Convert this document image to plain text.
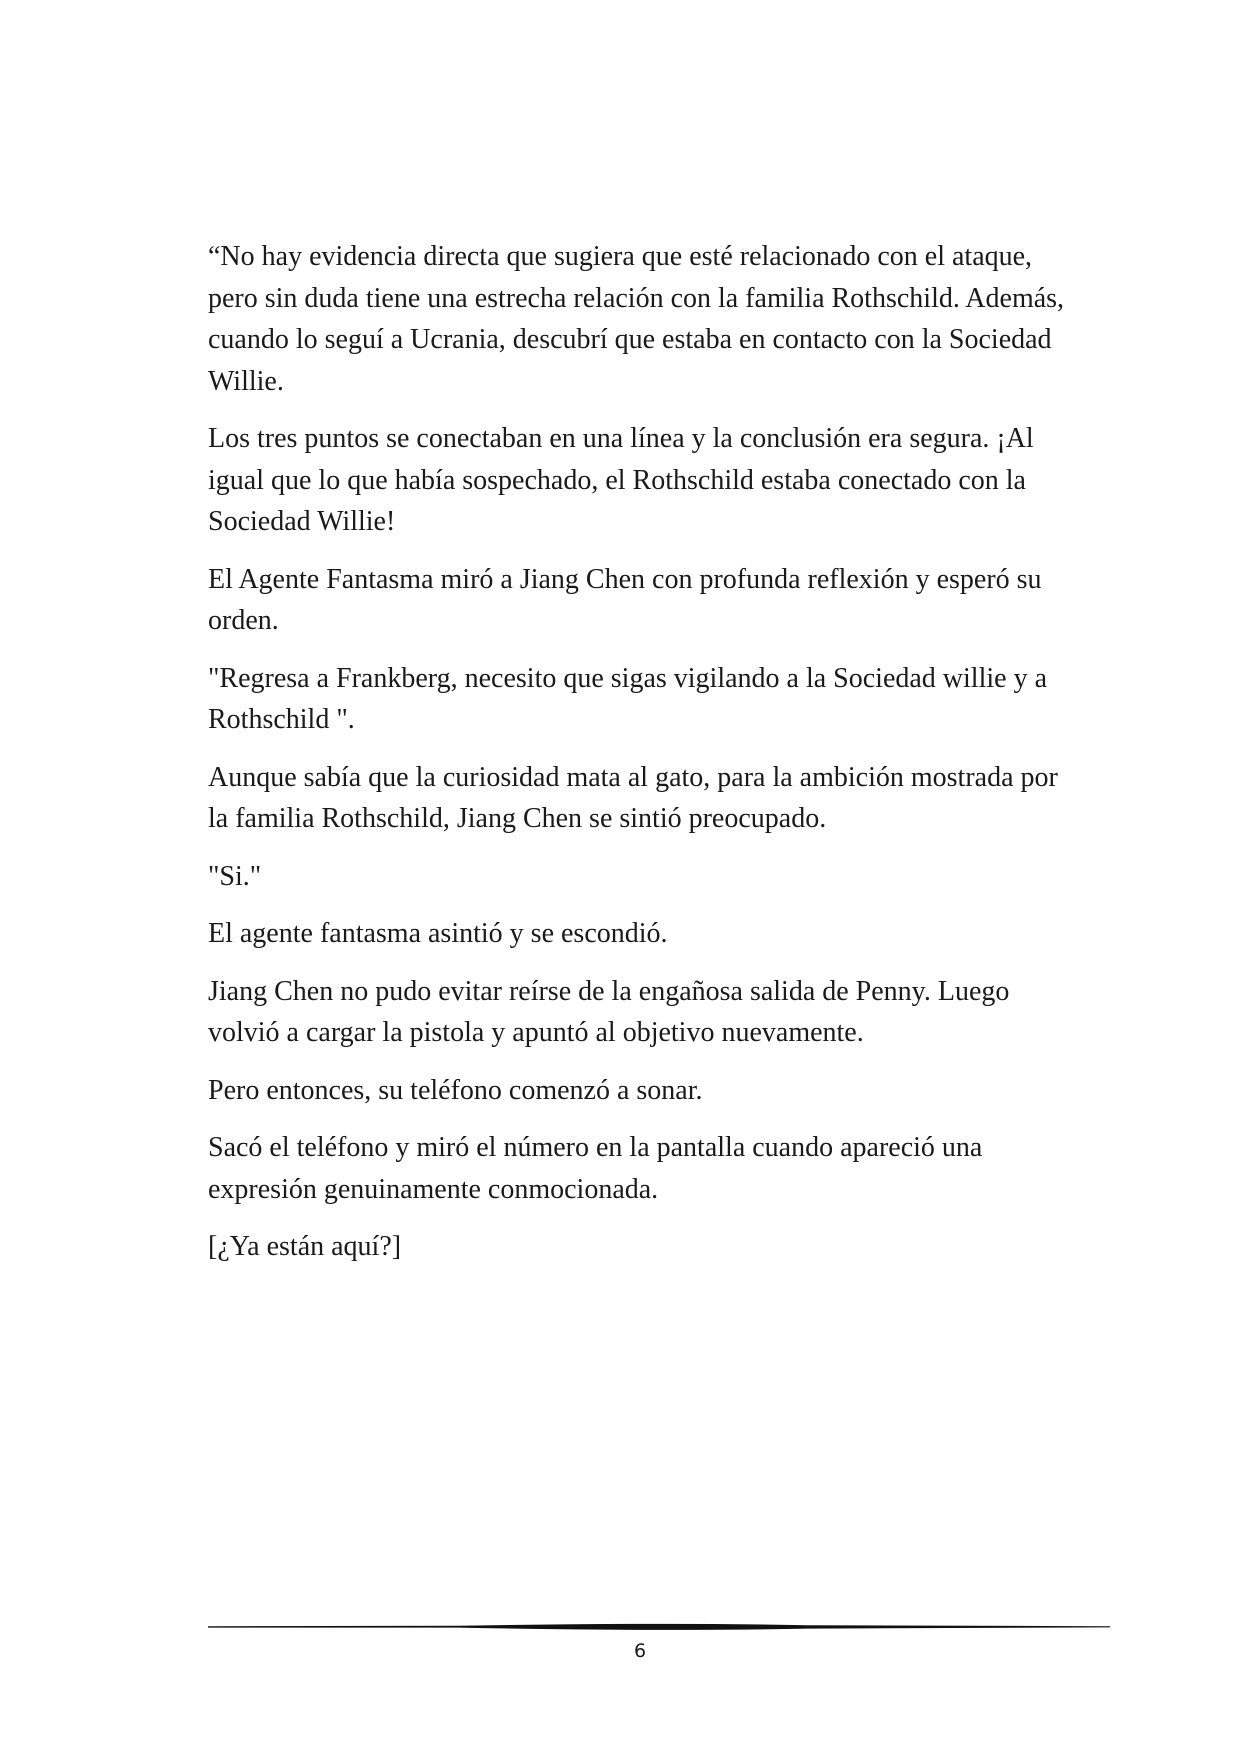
“No hay evidencia directa que sugiera que esté relacionado con el ataque, pero sin duda tiene una estrecha relación con la familia Rothschild. Además, cuando lo seguí a Ucrania, descubrí que estaba en contacto con la Sociedad Willie.

Los tres puntos se conectaban en una línea y la conclusión era segura. ¡Al igual que lo que había sospechado, el Rothschild estaba conectado con la Sociedad Willie!

El Agente Fantasma miró a Jiang Chen con profunda reflexión y esperó su orden.

"Regresa a Frankberg, necesito que sigas vigilando a la Sociedad willie y a Rothschild ".

Aunque sabía que la curiosidad mata al gato, para la ambición mostrada por la familia Rothschild, Jiang Chen se sintió preocupado.

"Si."

El agente fantasma asintió y se escondió.

Jiang Chen no pudo evitar reírse de la engañosa salida de Penny. Luego volvió a cargar la pistola y apuntó al objetivo nuevamente.

Pero entonces, su teléfono comenzó a sonar.

Sacó el teléfono y miró el número en la pantalla cuando apareció una expresión genuinamente conmocionada.

[¿Ya están aquí?]

6
